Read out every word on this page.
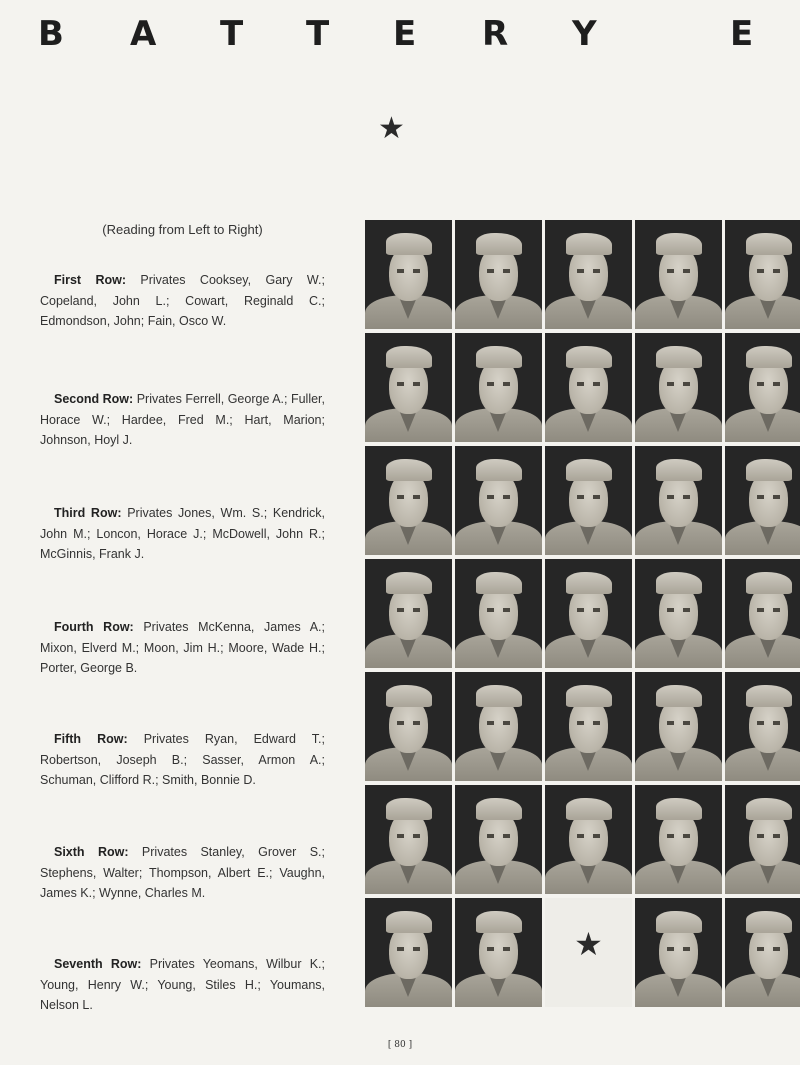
B A T T E R Y	E
★
(Reading from Left to Right)
First Row: Privates Cooksey, Gary W.; Copeland, John L.; Cowart, Reginald C.; Edmondson, John; Fain, Osco W.
Second Row: Privates Ferrell, George A.; Fuller, Horace W.; Hardee, Fred M.; Hart, Marion; Johnson, Hoyl J.
Third Row: Privates Jones, Wm. S.; Kendrick, John M.; Loncon, Horace J.; McDowell, John R.; McGinnis, Frank J.
Fourth Row: Privates McKenna, James A.; Mixon, Elverd M.; Moon, Jim H.; Moore, Wade H.; Porter, George B.
Fifth Row: Privates Ryan, Edward T.; Robertson, Joseph B.; Sasser, Armon A.; Schuman, Clifford R.; Smith, Bonnie D.
Sixth Row: Privates Stanley, Grover S.; Stephens, Walter; Thompson, Albert E.; Vaughn, James K.; Wynne, Charles M.
Seventh Row: Privates Yeomans, Wilbur K.; Young, Henry W.; Young, Stiles H.; Youmans, Nelson L.
★
[ 80 ]
